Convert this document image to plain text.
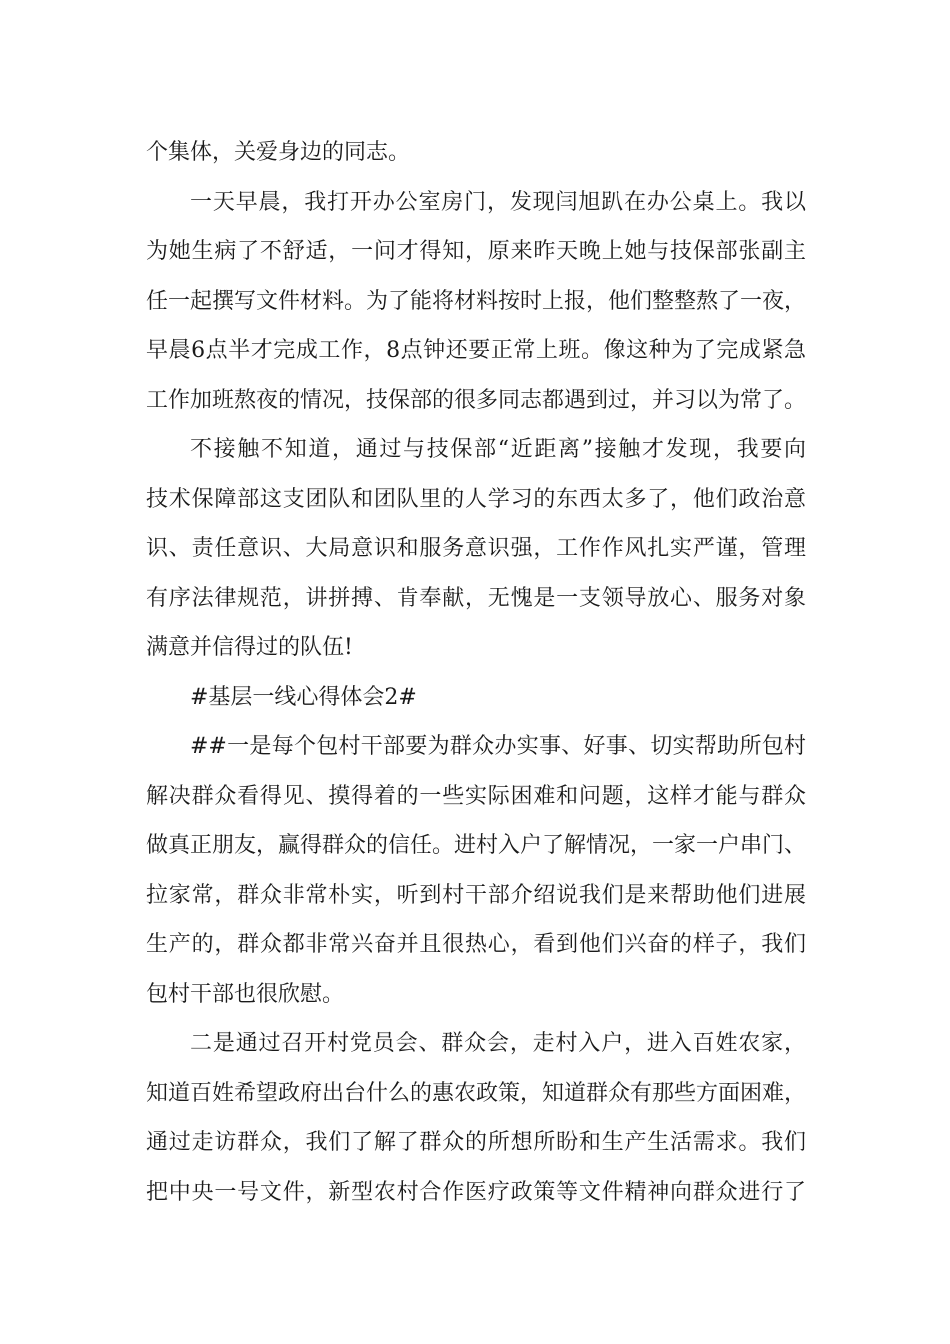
个集体，关爱身边的同志。
一天早晨，我打开办公室房门，发现闫旭趴在办公桌上。我以
为她生病了不舒适，一问才得知，原来昨天晚上她与技保部张副主
任一起撰写文件材料。为了能将材料按时上报，他们整整熬了一夜，
早晨6点半才完成工作，8点钟还要正常上班。像这种为了完成紧急
工作加班熬夜的情况，技保部的很多同志都遇到过，并习以为常了。
不接触不知道，通过与技保部“近距离”接触才发现，我要向
技术保障部这支团队和团队里的人学习的东西太多了，他们政治意
识、责任意识、大局意识和服务意识强，工作作风扎实严谨，管理
有序法律规范，讲拼搏、肯奉献，无愧是一支领导放心、服务对象
满意并信得过的队伍!
#基层一线心得体会2#
##一是每个包村干部要为群众办实事、好事、切实帮助所包村
解决群众看得见、摸得着的一些实际困难和问题，这样才能与群众
做真正朋友，赢得群众的信任。进村入户了解情况，一家一户串门、
拉家常，群众非常朴实，听到村干部介绍说我们是来帮助他们进展
生产的，群众都非常兴奋并且很热心，看到他们兴奋的样子，我们
包村干部也很欣慰。
二是通过召开村党员会、群众会，走村入户，进入百姓农家，
知道百姓希望政府出台什么的惠农政策，知道群众有那些方面困难，
通过走访群众，我们了解了群众的所想所盼和生产生活需求。我们
把中央一号文件，新型农村合作医疗政策等文件精神向群众进行了
